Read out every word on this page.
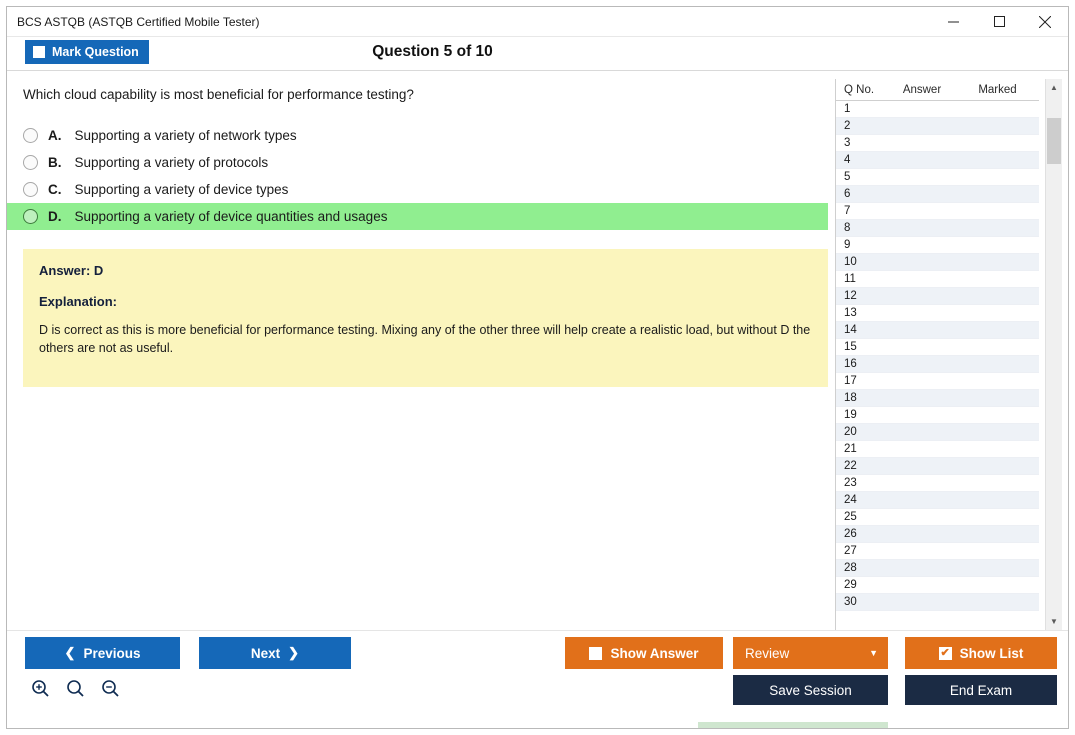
BCS ASTQB (ASTQB Certified Mobile Tester)
Mark Question	Question 5 of 10
Which cloud capability is most beneficial for performance testing?
A. Supporting a variety of network types
B. Supporting a variety of protocols
C. Supporting a variety of device types
D. Supporting a variety of device quantities and usages
Answer: D
Explanation:
D is correct as this is more beneficial for performance testing. Mixing any of the other three will help create a realistic load, but without D the others are not as useful.
Q No.	Answer	Marked
1
2
3
4
5
6
7
8
9
10
11
12
13
14
15
16
17
18
19
20
21
22
23
24
25
26
27
28
29
30
▲
▼
❮ Previous	Next ❯	Show Answer	Review	▼	✔ Show List
Save Session	End Exam
